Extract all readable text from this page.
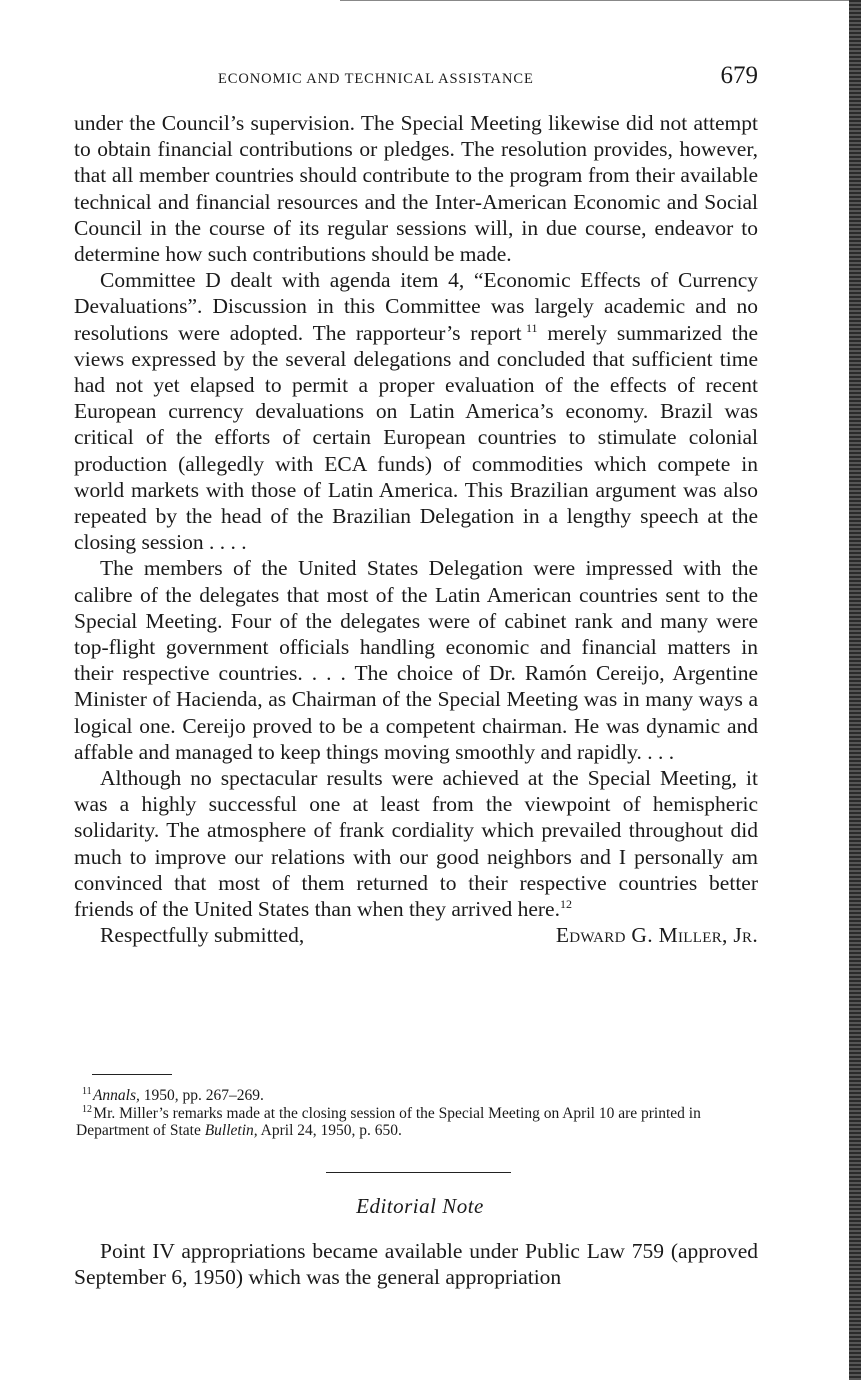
ECONOMIC AND TECHNICAL ASSISTANCE	679

under the Council’s supervision. The Special Meeting likewise did not attempt to obtain financial contributions or pledges. The resolution provides, however, that all member countries should contribute to the program from their available technical and financial resources and the Inter-American Economic and Social Council in the course of its regular sessions will, in due course, endeavor to determine how such contributions should be made.

Committee D dealt with agenda item 4, “Economic Effects of Currency Devaluations”. Discussion in this Committee was largely academic and no resolutions were adopted. The rapporteur’s report  $^{11}$ merely summarized the views expressed by the several delegations and concluded that sufficient time had not yet elapsed to permit a proper evaluation of the effects of recent European currency devaluations on Latin America’s economy. Brazil was critical of the efforts of certain European countries to stimulate colonial production (allegedly with ECA funds) of commodities which compete in world markets with those of Latin America. This Brazilian argument was also repeated by the head of the Brazilian Delegation in a lengthy speech at the closing session . . . .

The members of the United States Delegation were impressed with the calibre of the delegates that most of the Latin American countries sent to the Special Meeting. Four of the delegates were of cabinet rank and many were top-flight government officials handling economic and financial matters in their respective countries. . . . The choice of Dr. Ramón Cereijo, Argentine Minister of Hacienda, as Chairman of the Special Meeting was in many ways a logical one. Cereijo proved to be a competent chairman. He was dynamic and affable and managed to keep things moving smoothly and rapidly. . . .

Although no spectacular results were achieved at the Special Meeting, it was a highly successful one at least from the viewpoint of hemispheric solidarity. The atmosphere of frank cordiality which prevailed throughout did much to improve our relations with our good neighbors and I personally am convinced that most of them returned to their respective countries better friends of the United States than when they arrived here.$^{12}$

Respectfully submitted,	Edward G. Miller, Jr.

$^{11}$ Annals, 1950, pp. 267–269.

$^{12}$ Mr. Miller’s remarks made at the closing session of the Special Meeting on April 10 are printed in Department of State Bulletin, April 24, 1950, p. 650.

Editorial Note

Point IV appropriations became available under Public Law 759 (approved September 6, 1950) which was the general appropriation
